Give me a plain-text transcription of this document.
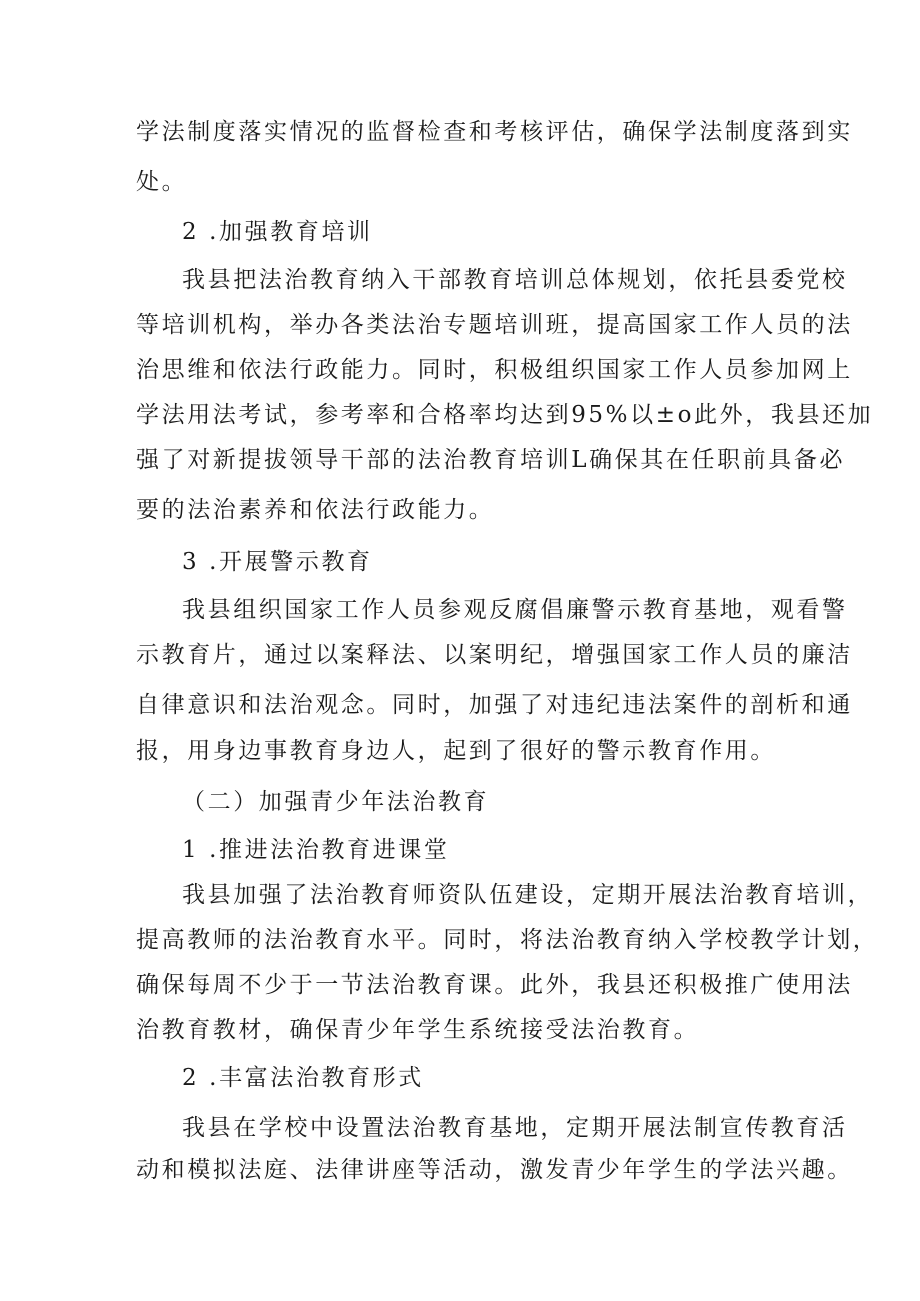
学法制度落实情况的监督检查和考核评估，确保学法制度落到实
处。
2 .加强教育培训
我县把法治教育纳入干部教育培训总体规划，依托县委党校
等培训机构，举办各类法治专题培训班，提高国家工作人员的法
治思维和依法行政能力。同时，积极组织国家工作人员参加网上
学法用法考试，参考率和合格率均达到95%以±o此外，我县还加
强了对新提拔领导干部的法治教育培训L确保其在任职前具备必
要的法治素养和依法行政能力。
3 .开展警示教育
我县组织国家工作人员参观反腐倡廉警示教育基地，观看警
示教育片，通过以案释法、以案明纪，增强国家工作人员的廉洁
自律意识和法治观念。同时，加强了对违纪违法案件的剖析和通
报，用身边事教育身边人，起到了很好的警示教育作用。
（二）加强青少年法治教育
1 .推进法治教育进课堂
我县加强了法治教育师资队伍建设，定期开展法治教育培训，
提高教师的法治教育水平。同时，将法治教育纳入学校教学计划，
确保每周不少于一节法治教育课。此外，我县还积极推广使用法
治教育教材，确保青少年学生系统接受法治教育。
2 .丰富法治教育形式
我县在学校中设置法治教育基地，定期开展法制宣传教育活
动和模拟法庭、法律讲座等活动，激发青少年学生的学法兴趣。
